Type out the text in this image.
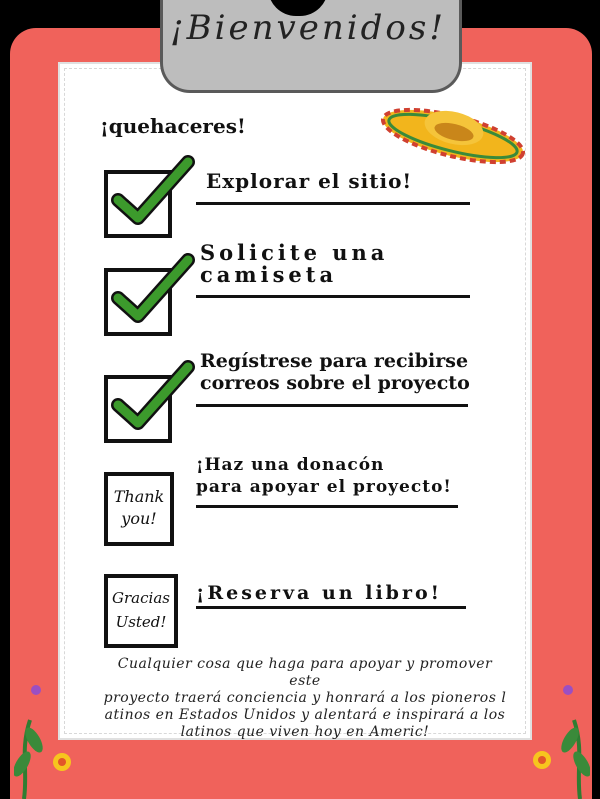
¡Bienvenidos!
¡quehaceres!
Explorar el sitio!
Solicite una
camiseta
Regístrese para recibirse
correos sobre el proyecto
Thank
you!
¡Haz una donacón
para apoyar el proyecto!
Gracias
Usted!
¡Reserva un libro!
Cualquier cosa que haga para apoyar y promover este
proyecto traerá conciencia y honrará a los pioneros l
atinos en Estados Unidos y alentará e inspirará a los
latinos que viven hoy en Americ!
